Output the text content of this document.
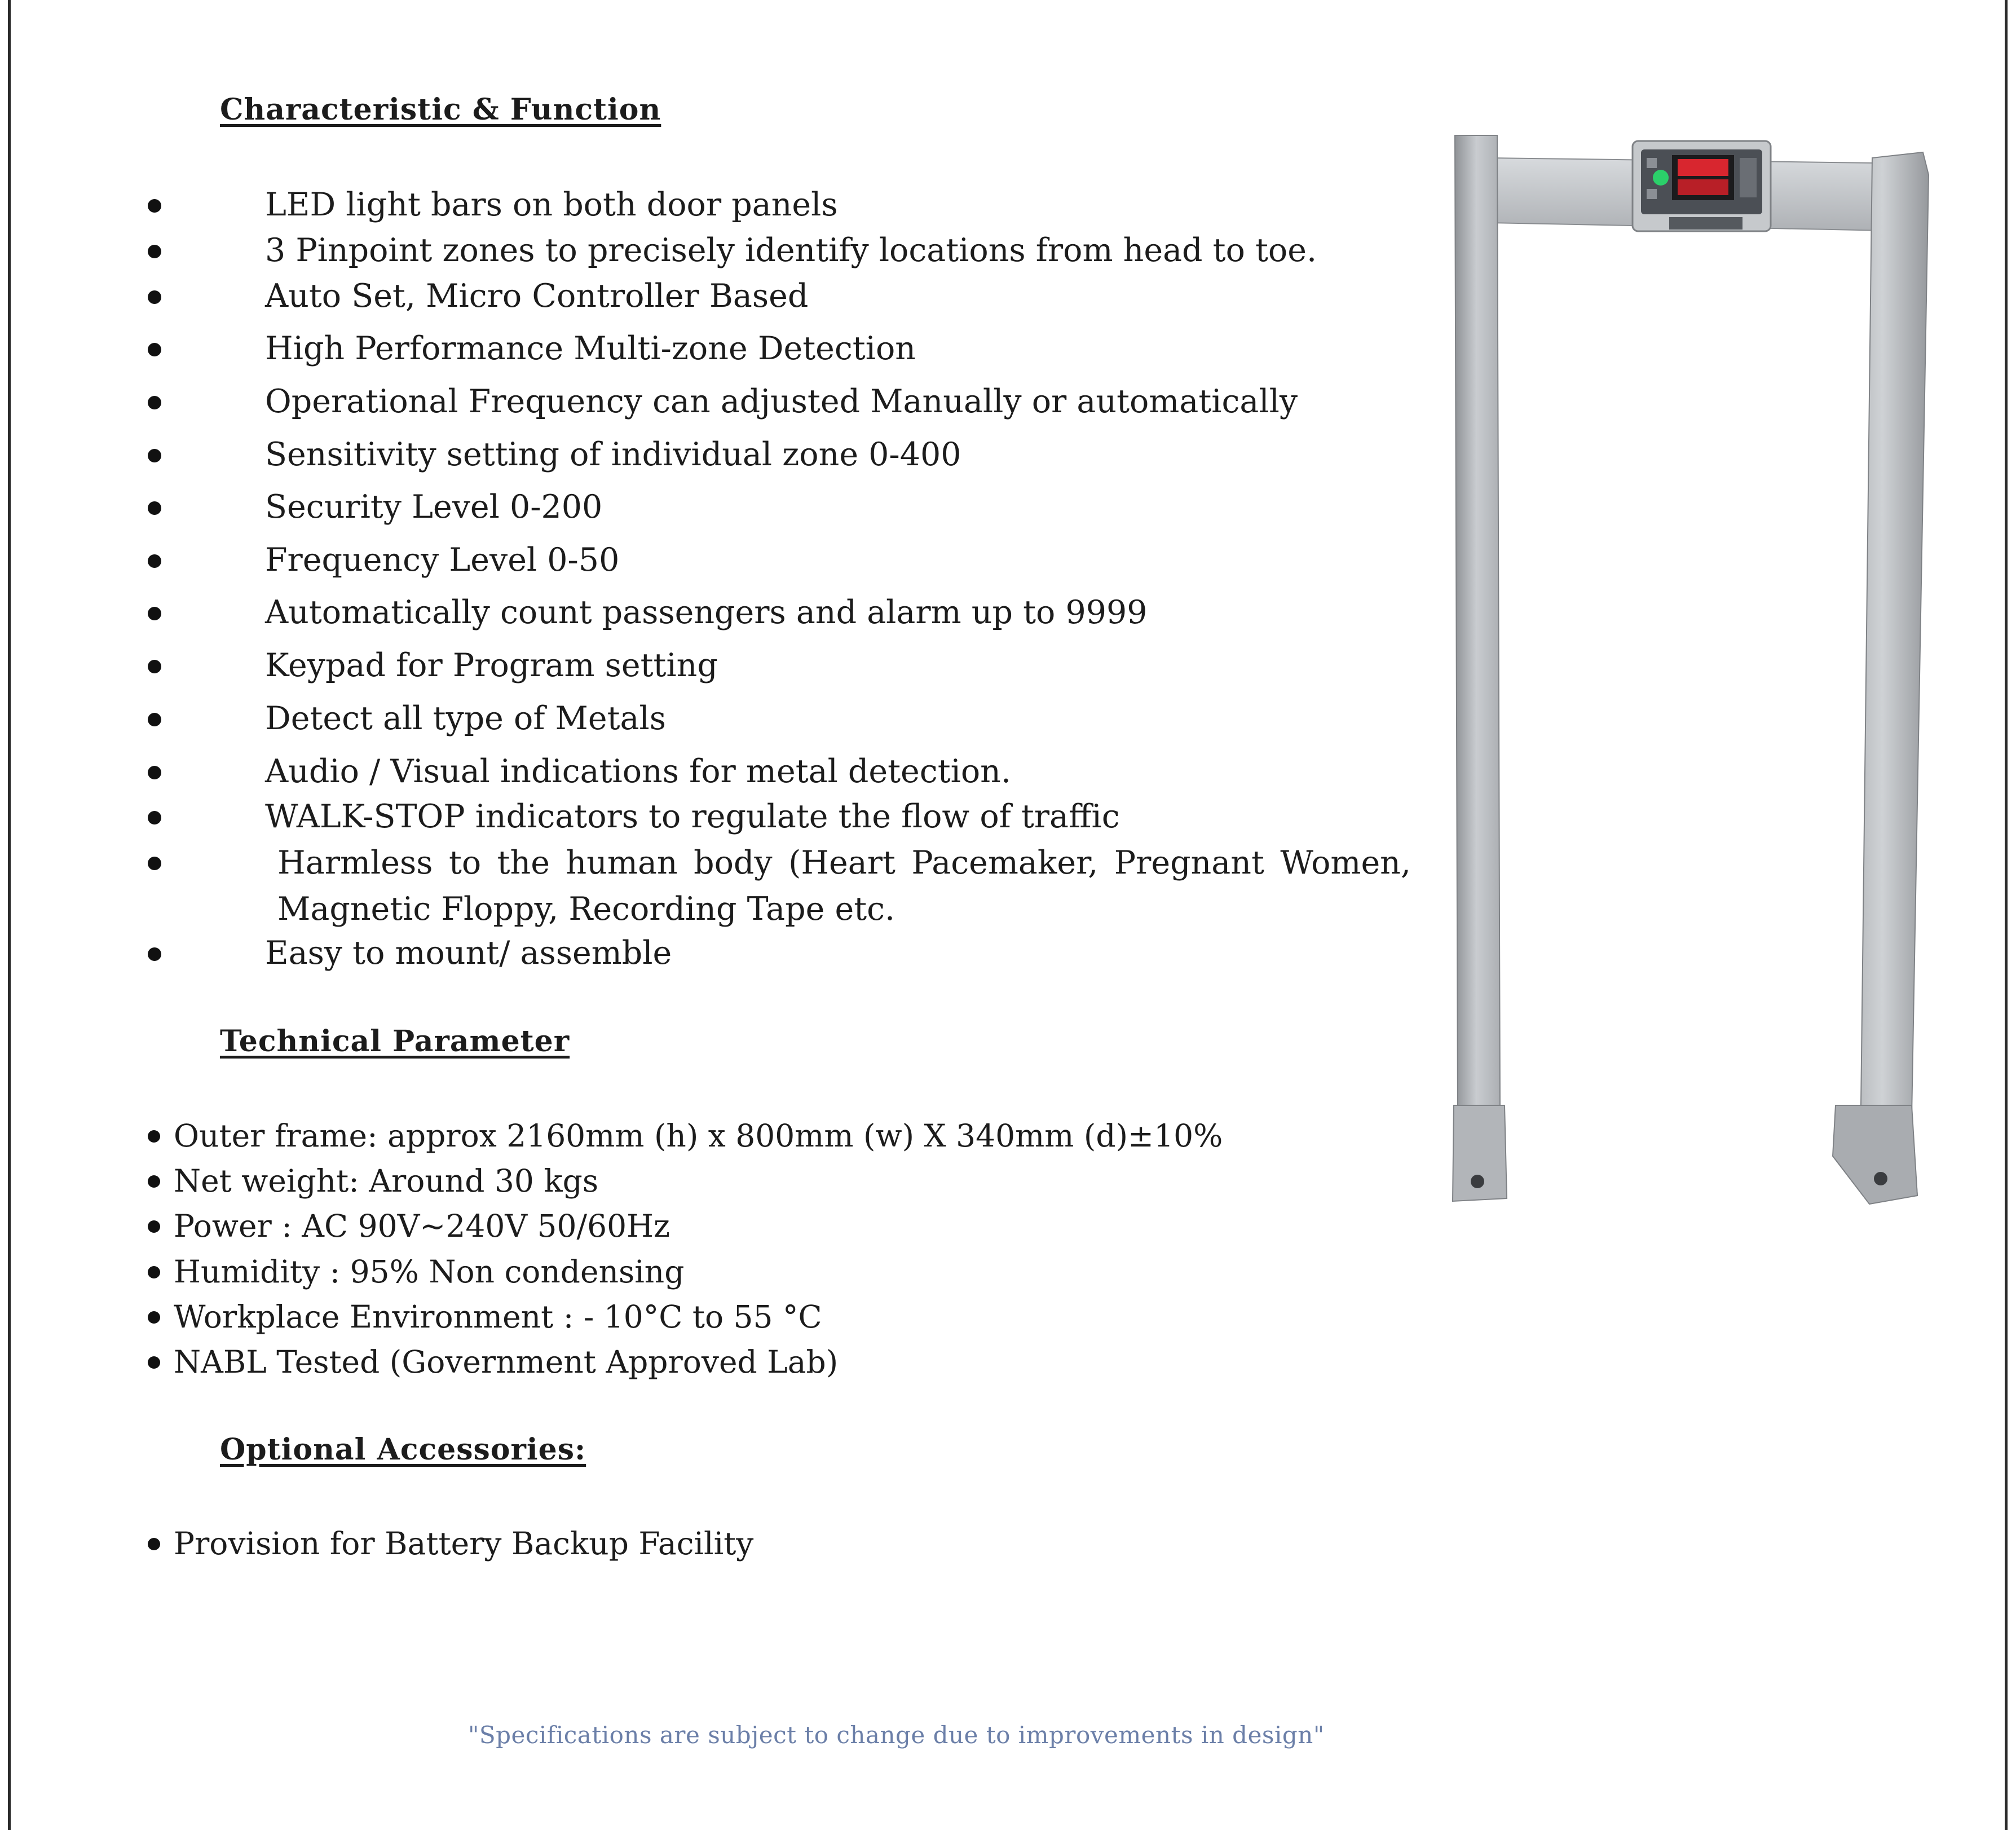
Characteristic & Function
LED light bars on both door panels
3 Pinpoint zones to precisely identify locations from head to toe.
Auto Set, Micro Controller Based
High Performance Multi-zone Detection
Operational Frequency can adjusted Manually or automatically
Sensitivity setting of individual zone 0-400
Security Level 0-200
Frequency Level 0-50
Automatically count passengers and alarm up to 9999
Keypad for Program setting
Detect all type of Metals
Audio / Visual indications for metal detection.
WALK-STOP indicators to regulate the flow of traffic
Harmless to the human body (Heart Pacemaker, Pregnant Women, Magnetic Floppy, Recording Tape etc.
Easy to mount/ assemble
Technical Parameter
Outer frame: approx 2160mm (h) x 800mm (w) X 340mm (d)±10%
Net weight: Around 30 kgs
Power : AC 90V~240V 50/60Hz
Humidity : 95% Non condensing
Workplace Environment : - 10°C to 55 °C
NABL Tested (Government Approved Lab)
Optional Accessories:
Provision for Battery Backup Facility
"Specifications are subject to change due to improvements in design"
